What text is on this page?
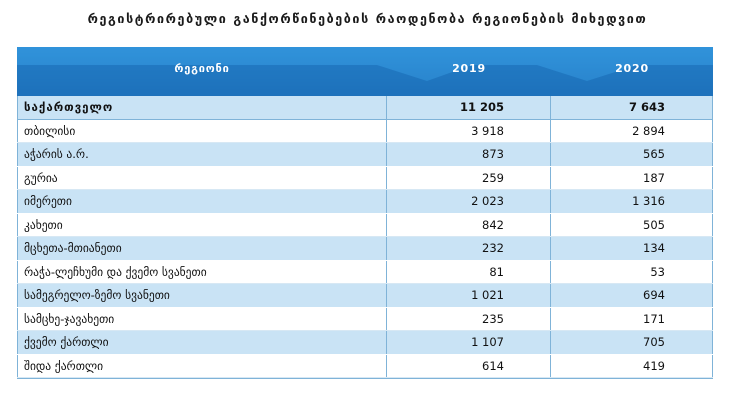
რეგისტრირებული განქორწინებების რაოდენობა რეგიონების მიხედვით
რეგიონი	2019	2020
საქართველო	11 205	7 643
თბილისი	3 918	2 894
აჭარის ა.რ.	873	565
გურია	259	187
იმერეთი	2 023	1 316
კახეთი	842	505
მცხეთა-მთიანეთი	232	134
რაჭა-ლეჩხუმი და ქვემო სვანეთი	81	53
სამეგრელო-ზემო სვანეთი	1 021	694
სამცხე-ჯავახეთი	235	171
ქვემო ქართლი	1 107	705
შიდა ქართლი	614	419
